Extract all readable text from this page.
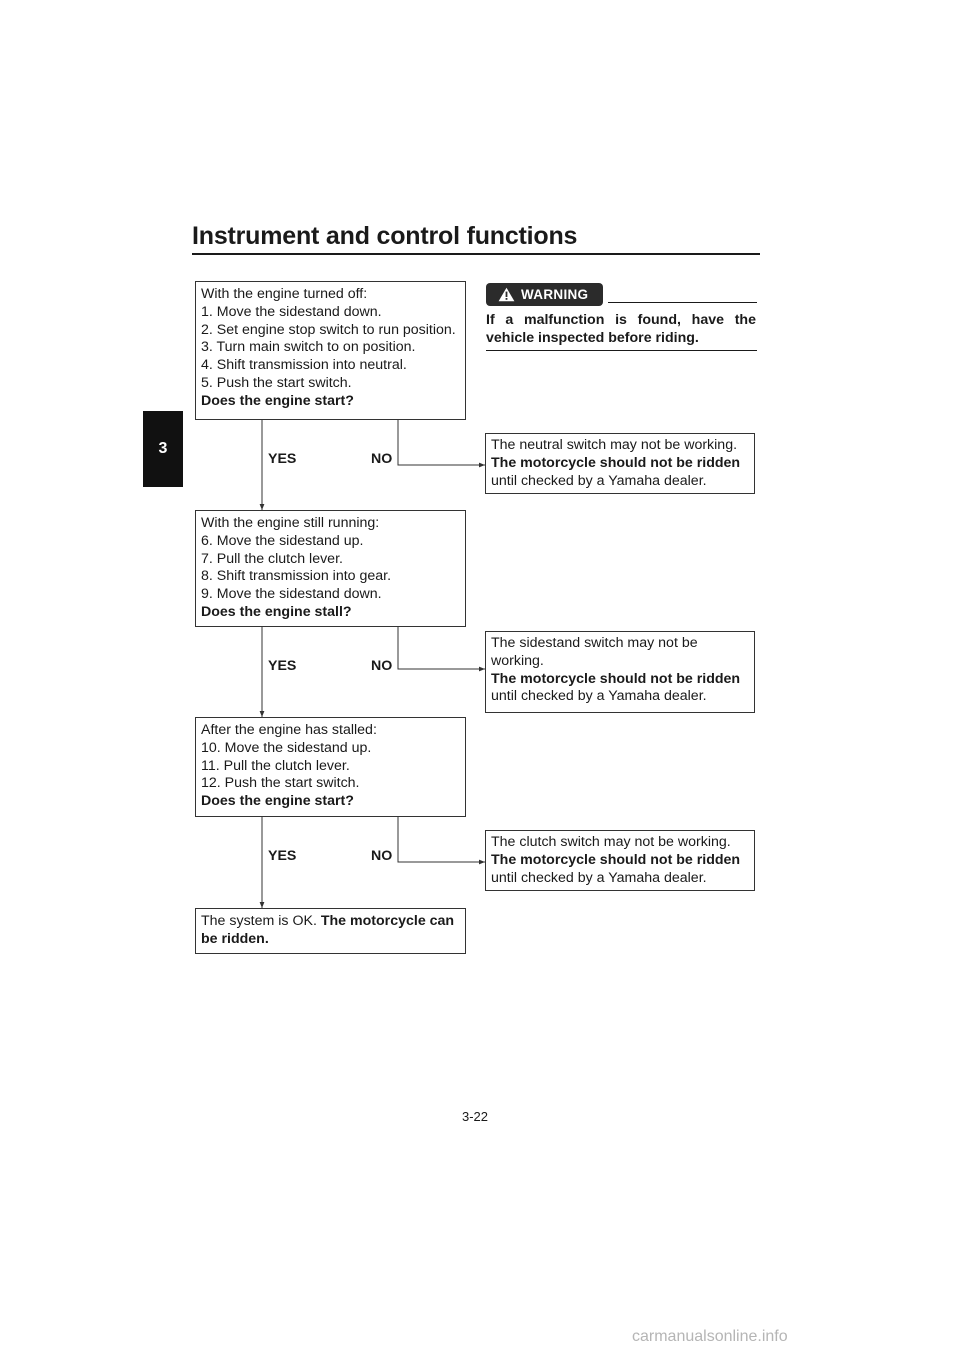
Instrument and control functions
3
With the engine turned off:
1. Move the sidestand down.
2. Set engine stop switch to run position.
3. Turn main switch to on position.
4. Shift transmission into neutral.
5. Push the start switch.
Does the engine start?
With the engine still running:
6. Move the sidestand up.
7. Pull the clutch lever.
8. Shift transmission into gear.
9. Move the sidestand down.
Does the engine stall?
After the engine has stalled:
10. Move the sidestand up.
11. Pull the clutch lever.
12. Push the start switch.
Does the engine start?
The system is OK. The motorcycle can
be ridden.
YES	NO
YES	NO
YES	NO
WARNING
If a malfunction is found, have the vehicle inspected before riding.
The neutral switch may not be working.
The motorcycle should not be ridden
until checked by a Yamaha dealer.
The sidestand switch may not be
working.
The motorcycle should not be ridden
until checked by a Yamaha dealer.
The clutch switch may not be working.
The motorcycle should not be ridden
until checked by a Yamaha dealer.
3-22
carmanualsonline.info
